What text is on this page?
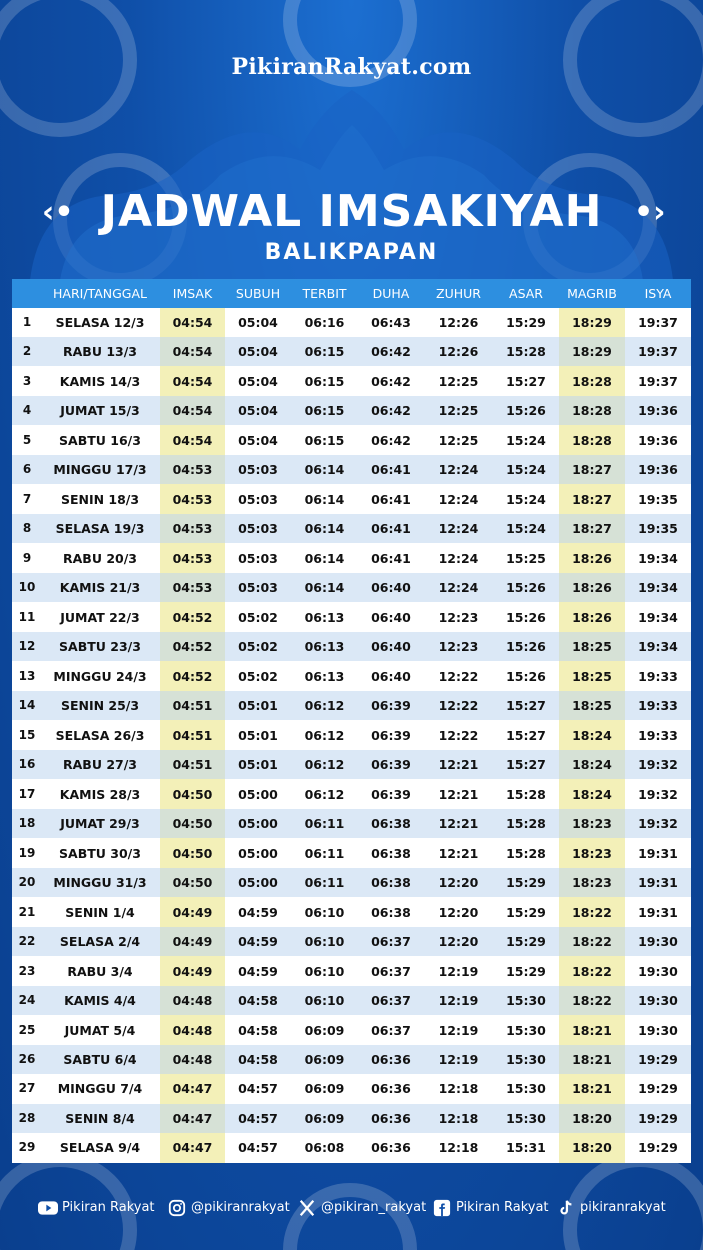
PikiranRakyat.com
‹• JADWAL IMSAKIYAH	•›
BALIKPAPAN
HARI/TANGGAL	IMSAK	SUBUH	TERBIT	DUHA	ZUHUR	ASAR	MAGRIB	ISYA
1	SELASA 12/3	04:54	05:04	06:16	06:43	12:26	15:29	18:29	19:37
2	RABU 13/3	04:54	05:04	06:15	06:42	12:26	15:28	18:29	19:37
3	KAMIS 14/3	04:54	05:04	06:15	06:42	12:25	15:27	18:28	19:37
4	JUMAT 15/3	04:54	05:04	06:15	06:42	12:25	15:26	18:28	19:36
5	SABTU 16/3	04:54	05:04	06:15	06:42	12:25	15:24	18:28	19:36
6	MINGGU 17/3	04:53	05:03	06:14	06:41	12:24	15:24	18:27	19:36
7	SENIN 18/3	04:53	05:03	06:14	06:41	12:24	15:24	18:27	19:35
8	SELASA 19/3	04:53	05:03	06:14	06:41	12:24	15:24	18:27	19:35
9	RABU 20/3	04:53	05:03	06:14	06:41	12:24	15:25	18:26	19:34
10	KAMIS 21/3	04:53	05:03	06:14	06:40	12:24	15:26	18:26	19:34
11	JUMAT 22/3	04:52	05:02	06:13	06:40	12:23	15:26	18:26	19:34
12	SABTU 23/3	04:52	05:02	06:13	06:40	12:23	15:26	18:25	19:34
13	MINGGU 24/3	04:52	05:02	06:13	06:40	12:22	15:26	18:25	19:33
14	SENIN 25/3	04:51	05:01	06:12	06:39	12:22	15:27	18:25	19:33
15	SELASA 26/3	04:51	05:01	06:12	06:39	12:22	15:27	18:24	19:33
16	RABU 27/3	04:51	05:01	06:12	06:39	12:21	15:27	18:24	19:32
17	KAMIS 28/3	04:50	05:00	06:12	06:39	12:21	15:28	18:24	19:32
18	JUMAT 29/3	04:50	05:00	06:11	06:38	12:21	15:28	18:23	19:32
19	SABTU 30/3	04:50	05:00	06:11	06:38	12:21	15:28	18:23	19:31
20	MINGGU 31/3	04:50	05:00	06:11	06:38	12:20	15:29	18:23	19:31
21	SENIN 1/4	04:49	04:59	06:10	06:38	12:20	15:29	18:22	19:31
22	SELASA 2/4	04:49	04:59	06:10	06:37	12:20	15:29	18:22	19:30
23	RABU 3/4	04:49	04:59	06:10	06:37	12:19	15:29	18:22	19:30
24	KAMIS 4/4	04:48	04:58	06:10	06:37	12:19	15:30	18:22	19:30
25	JUMAT 5/4	04:48	04:58	06:09	06:37	12:19	15:30	18:21	19:30
26	SABTU 6/4	04:48	04:58	06:09	06:36	12:19	15:30	18:21	19:29
27	MINGGU 7/4	04:47	04:57	06:09	06:36	12:18	15:30	18:21	19:29
28	SENIN 8/4	04:47	04:57	06:09	06:36	12:18	15:30	18:20	19:29
29	SELASA 9/4	04:47	04:57	06:08	06:36	12:18	15:31	18:20	19:29
Pikiran Rakyat	@pikiranrakyat	@pikiran_rakyat	Pikiran Rakyat	pikiranrakyat
